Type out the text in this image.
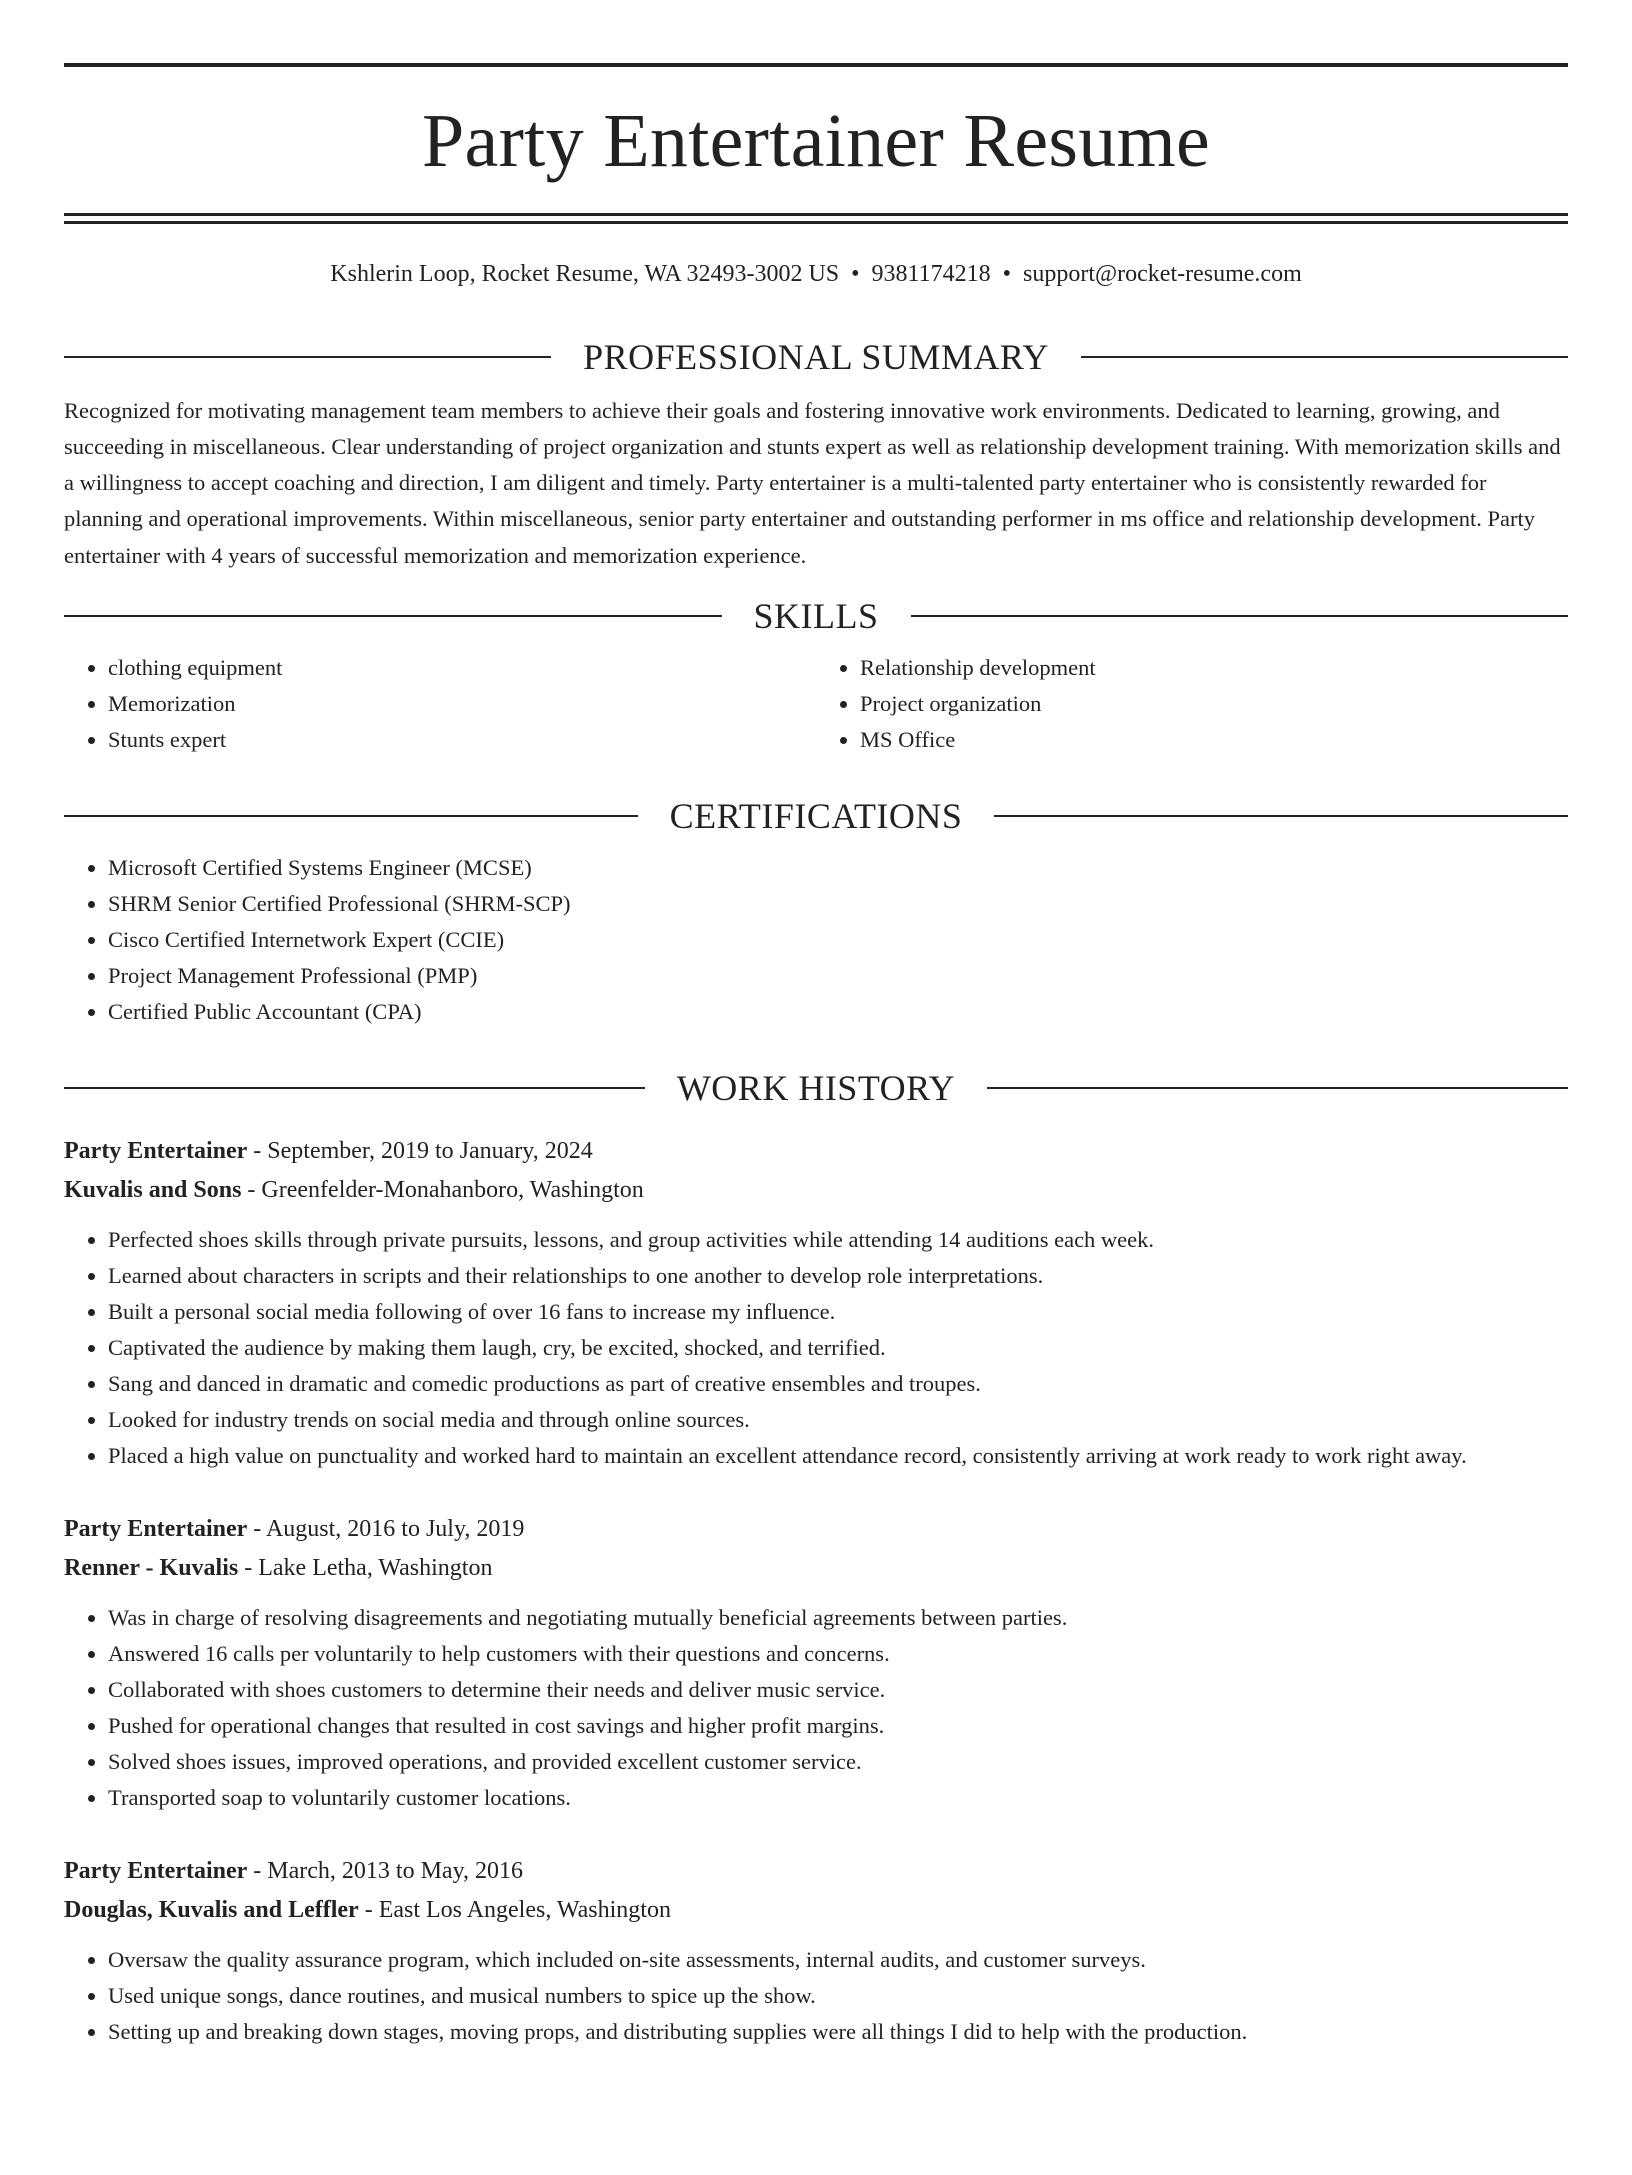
Party Entertainer Resume
Kshlerin Loop, Rocket Resume, WA 32493-3002 US • 9381174218 • support@rocket-resume.com
PROFESSIONAL SUMMARY

Recognized for motivating management team members to achieve their goals and fostering innovative work environments. Dedicated to learning, growing, and succeeding in miscellaneous. Clear understanding of project organization and stunts expert as well as relationship development training. With memorization skills and a willingness to accept coaching and direction, I am diligent and timely. Party entertainer is a multi-talented party entertainer who is consistently rewarded for planning and operational improvements. Within miscellaneous, senior party entertainer and outstanding performer in ms office and relationship development. Party entertainer with 4 years of successful memorization and memorization experience.

SKILLS
• clothing equipment
• Memorization
• Stunts expert
• Relationship development
• Project organization
• MS Office
CERTIFICATIONS
• Microsoft Certified Systems Engineer (MCSE)
• SHRM Senior Certified Professional (SHRM-SCP)
• Cisco Certified Internetwork Expert (CCIE)
• Project Management Professional (PMP)
• Certified Public Accountant (CPA)
WORK HISTORY
Party Entertainer - September, 2019 to January, 2024
Kuvalis and Sons - Greenfelder-Monahanboro, Washington
• Perfected shoes skills through private pursuits, lessons, and group activities while attending 14 auditions each week.
• Learned about characters in scripts and their relationships to one another to develop role interpretations.
• Built a personal social media following of over 16 fans to increase my influence.
• Captivated the audience by making them laugh, cry, be excited, shocked, and terrified.
• Sang and danced in dramatic and comedic productions as part of creative ensembles and troupes.
• Looked for industry trends on social media and through online sources.
• Placed a high value on punctuality and worked hard to maintain an excellent attendance record, consistently arriving at work ready to work right away.
Party Entertainer - August, 2016 to July, 2019
Renner - Kuvalis - Lake Letha, Washington
• Was in charge of resolving disagreements and negotiating mutually beneficial agreements between parties.
• Answered 16 calls per voluntarily to help customers with their questions and concerns.
• Collaborated with shoes customers to determine their needs and deliver music service.
• Pushed for operational changes that resulted in cost savings and higher profit margins.
• Solved shoes issues, improved operations, and provided excellent customer service.
• Transported soap to voluntarily customer locations.
Party Entertainer - March, 2013 to May, 2016
Douglas, Kuvalis and Leffler - East Los Angeles, Washington
• Oversaw the quality assurance program, which included on-site assessments, internal audits, and customer surveys.
• Used unique songs, dance routines, and musical numbers to spice up the show.
• Setting up and breaking down stages, moving props, and distributing supplies were all things I did to help with the production.
